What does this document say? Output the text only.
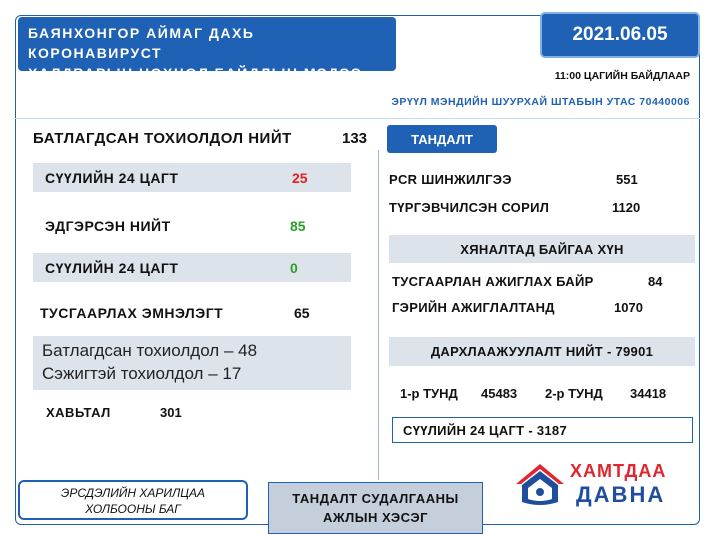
БАЯНХОНГОР АЙМАГ ДАХЬ КОРОНАВИРУСТ
ХАЛДВАРЫН НӨХЦӨЛ БАЙДЛЫН МЭДЭЭ
2021.06.05
11:00 ЦАГИЙН БАЙДЛААР
ЭРҮҮЛ МЭНДИЙН ШУУРХАЙ ШТАБЫН УТАС 70440006
БАТЛАГДСАН ТОХИОЛДОЛ НИЙТ	133
СҮҮЛИЙН 24 ЦАГТ	25
ЭДГЭРСЭН НИЙТ	85
СҮҮЛИЙН 24 ЦАГТ	0
ТУСГААРЛАХ ЭМНЭЛЭГТ	65
Батлагдсан тохиолдол – 48
Сэжигтэй тохиолдол – 17
ХАВЬТАЛ	301
ТАНДАЛТ
PCR ШИНЖИЛГЭЭ	551
ТҮРГЭВЧИЛСЭН СОРИЛ	1120
ХЯНАЛТАД БАЙГАА ХҮН
ТУСГААРЛАН АЖИГЛАХ БАЙР	84
ГЭРИЙН АЖИГЛАЛТАНД	1070
ДАРХЛААЖУУЛАЛТ НИЙТ - 79901
1-р ТУНД 45483 2-р ТУНД 34418
СҮҮЛИЙН 24 ЦАГТ - 3187
ХАМТДАА
ДАВНА
ЭРСДЭЛИЙН ХАРИЛЦАА
ХОЛБООНЫ БАГ
ТАНДАЛТ СУДАЛГААНЫ
АЖЛЫН ХЭСЭГ
